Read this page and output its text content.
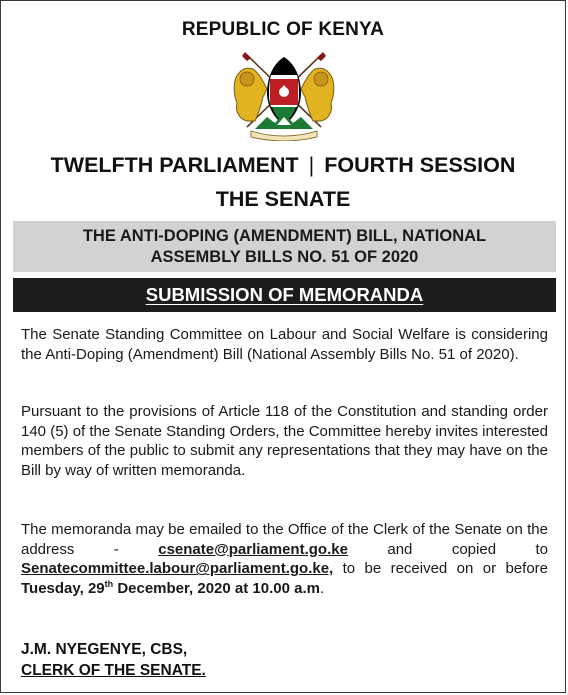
REPUBLIC OF KENYA
TWELFTH PARLIAMENT | FOURTH SESSION
THE SENATE
THE ANTI-DOPING (AMENDMENT) BILL, NATIONAL
ASSEMBLY BILLS NO. 51 OF 2020
SUBMISSION OF MEMORANDA

The Senate Standing Committee on Labour and Social Welfare is considering the Anti-Doping (Amendment) Bill (National Assembly Bills No. 51 of 2020).

Pursuant to the provisions of Article 118 of the Constitution and standing order 140 (5) of the Senate Standing Orders, the Committee hereby invites interested members of the public to submit any representations that they may have on the Bill by way of written memoranda.

The memoranda may be emailed to the Office of the Clerk of the Senate on the address - csenate@parliament.go.ke and copied to Senatecommittee.labour@parliament.go.ke, to be received on or before Tuesday, 29th December, 2020 at 10.00 a.m.

J.M. NYEGENYE, CBS,
CLERK OF THE SENATE.
